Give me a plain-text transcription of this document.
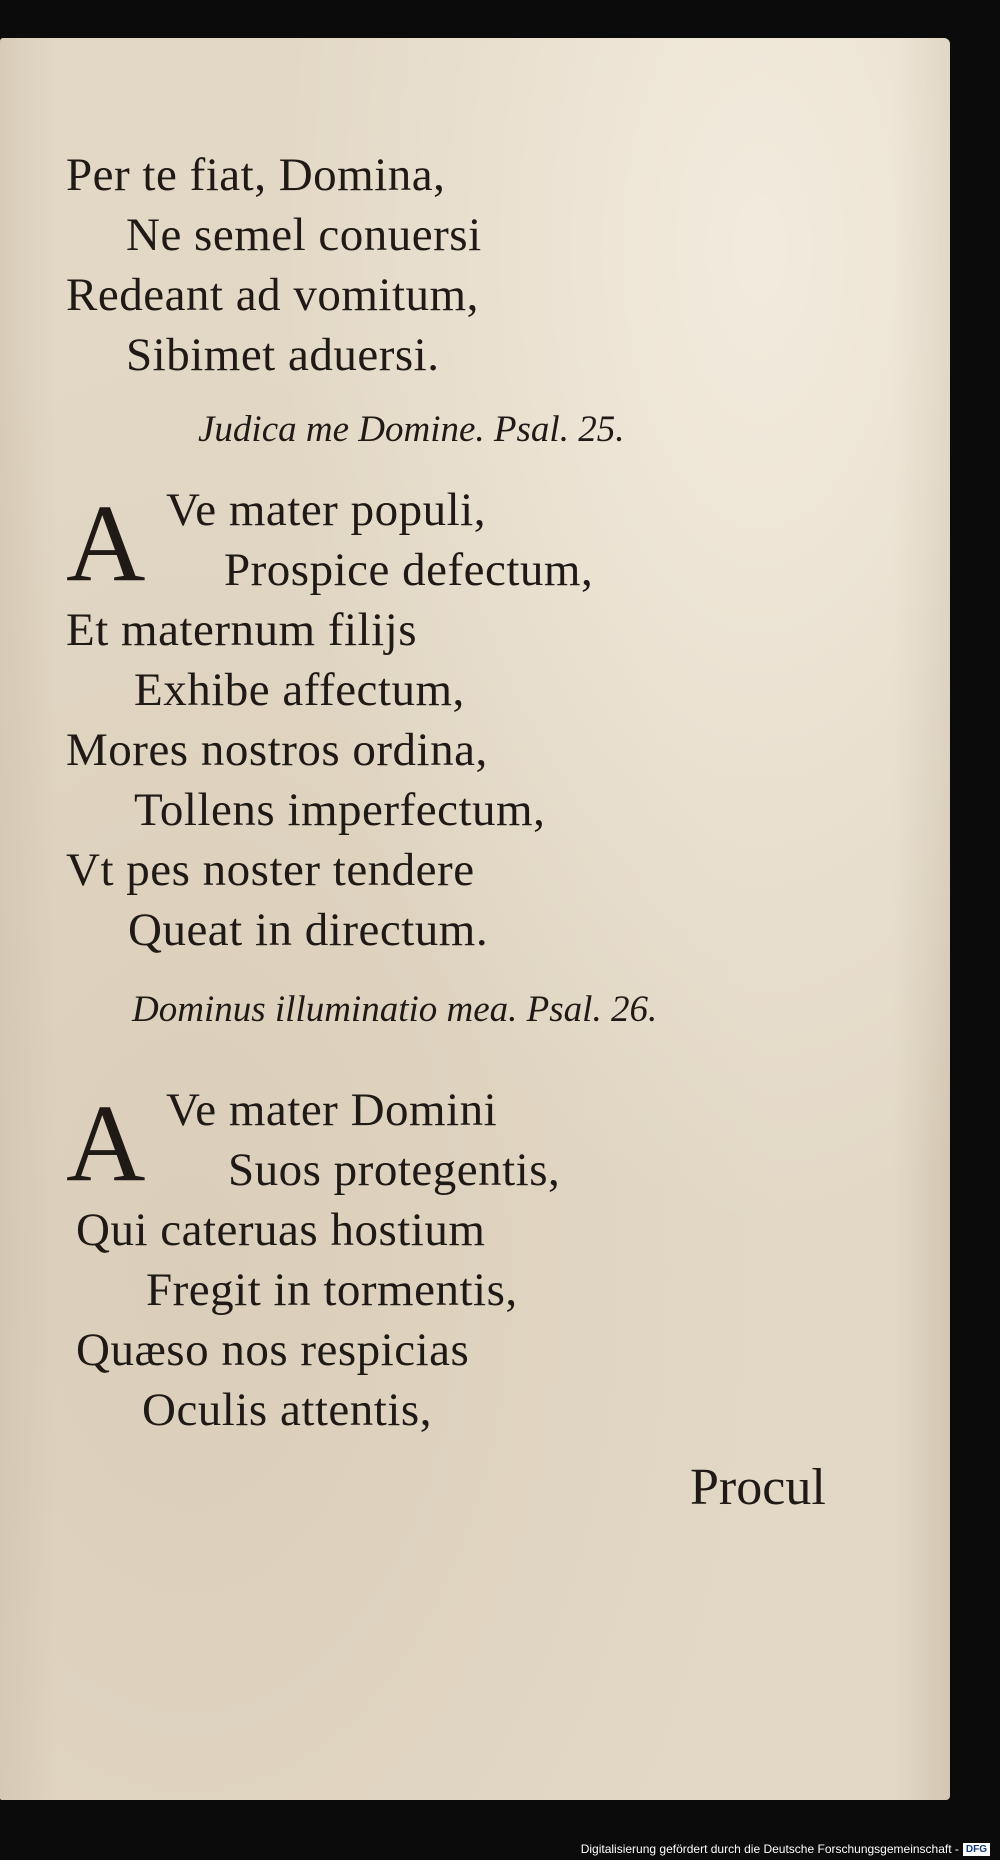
Per te fiat, Domina,
Ne semel conuersi
Redeant ad vomitum,
Sibimet aduersi.
Judica me Domine. Psal. 25.
A Ve mater populi,
Prospice defectum,
Et maternum filijs
Exhibe affectum,
Mores nostros ordina,
Tollens imperfectum,
Vt pes noster tendere
Queat in directum.
Dominus illuminatio mea. Psal. 26.
A Ve mater Domini
Suos protegentis,
Qui cateruas hostium
Fregit in tormentis,
Quæso nos respicias
Oculis attentis,
Procul
Digitalisierung gefördert durch die Deutsche Forschungsgemeinschaft - DFG
